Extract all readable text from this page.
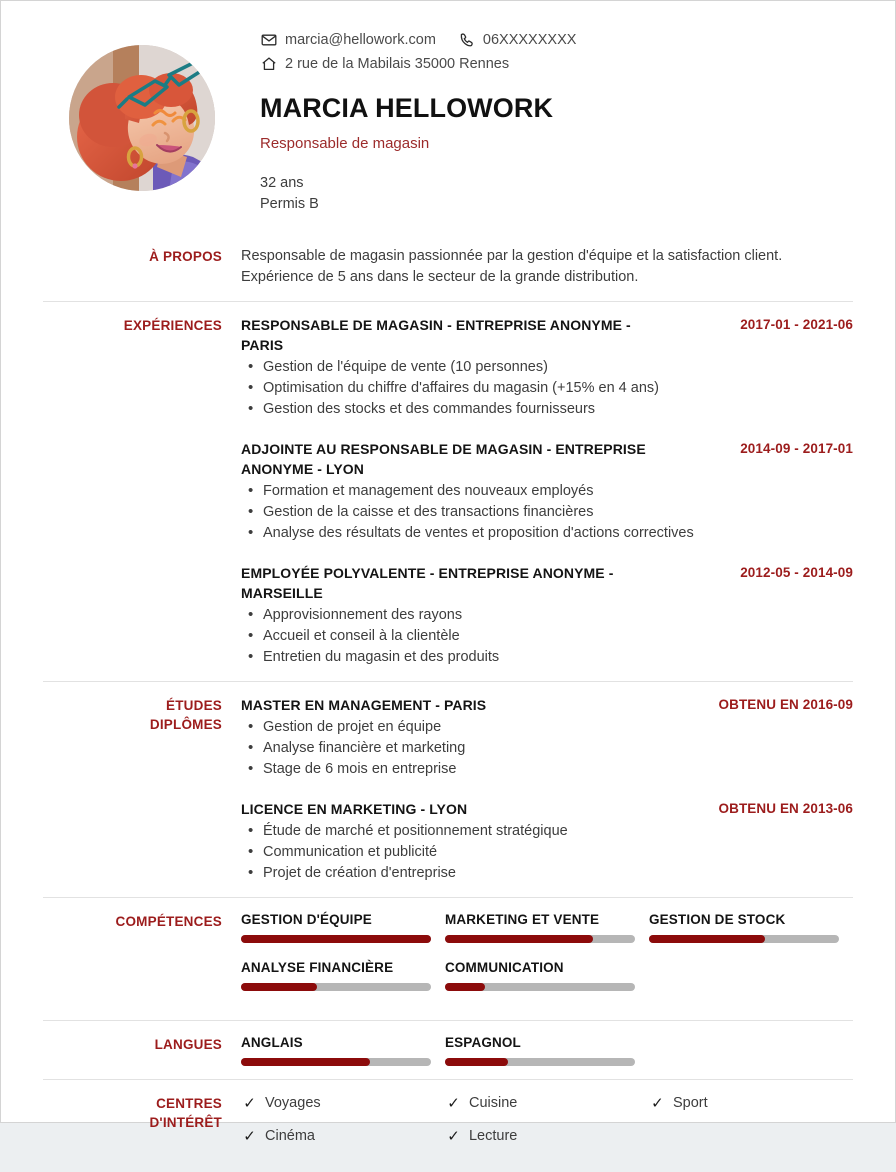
marcia@hellowork.com	06XXXXXXXX
2 rue de la Mabilais 35000 Rennes
MARCIA HELLOWORK
Responsable de magasin
32 ans
Permis B
À PROPOS	Responsable de magasin passionnée par la gestion d'équipe et la satisfaction client.
Expérience de 5 ans dans le secteur de la grande distribution.
EXPÉRIENCES	RESPONSABLE DE MAGASIN - ENTREPRISE ANONYME - PARIS
2017-01 - 2021-06
• Gestion de l'équipe de vente (10 personnes)
• Optimisation du chiffre d'affaires du magasin (+15% en 4 ans)
• Gestion des stocks et des commandes fournisseurs
ADJOINTE AU RESPONSABLE DE MAGASIN - ENTREPRISE ANONYME - LYON
2014-09 - 2017-01
• Formation et management des nouveaux employés
• Gestion de la caisse et des transactions financières
• Analyse des résultats de ventes et proposition d'actions correctives
EMPLOYÉE POLYVALENTE - ENTREPRISE ANONYME - MARSEILLE
2012-05 - 2014-09
• Approvisionnement des rayons
• Accueil et conseil à la clientèle
• Entretien du magasin et des produits
ÉTUDES
DIPLÔMES
MASTER EN MANAGEMENT - PARIS	OBTENU EN 2016-09
• Gestion de projet en équipe
• Analyse financière et marketing
• Stage de 6 mois en entreprise
LICENCE EN MARKETING - LYON	OBTENU EN 2013-06
• Étude de marché et positionnement stratégique
• Communication et publicité
• Projet de création d'entreprise
COMPÉTENCES	GESTION D'ÉQUIPE	MARKETING ET VENTE	GESTION DE STOCK
ANALYSE FINANCIÈRE	COMMUNICATION
LANGUES	ANGLAIS	ESPAGNOL
CENTRES
D'INTÉRÊT
✓ Voyages	✓ Cuisine	✓ Sport
✓ Cinéma	✓ Lecture
